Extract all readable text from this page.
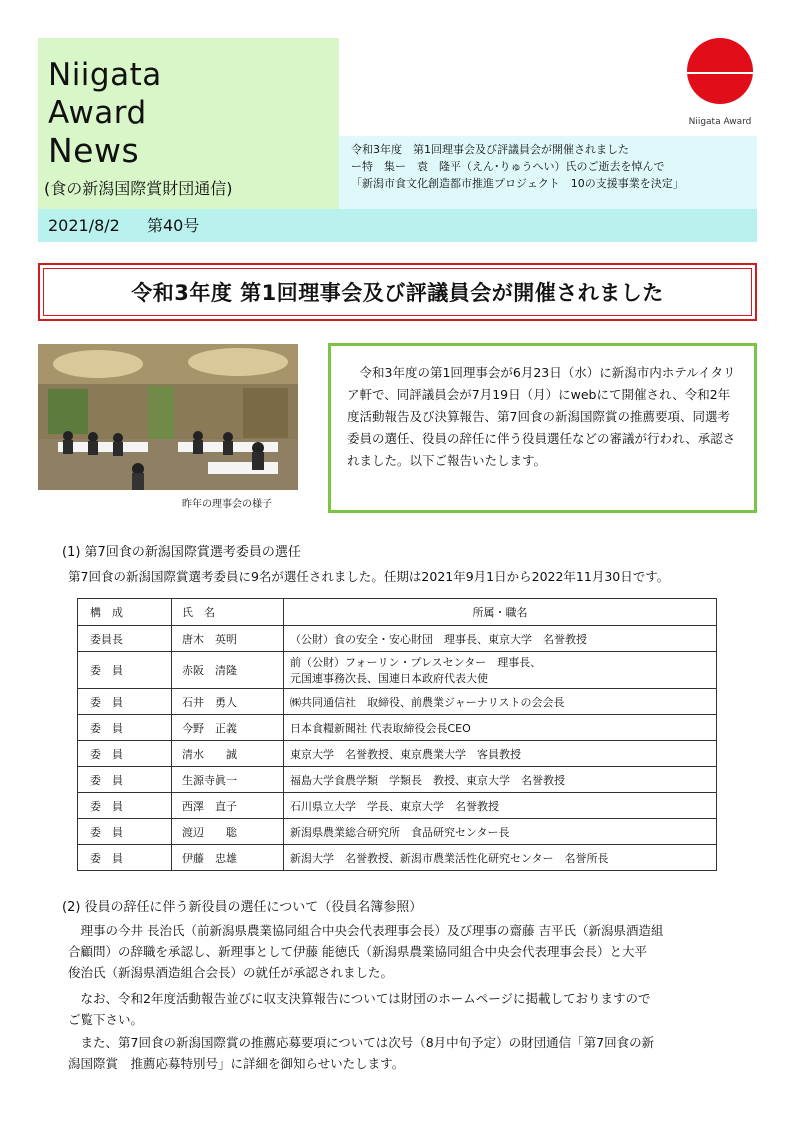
Niigata
Award
News
(食の新潟国際賞財団通信)
令和3年度　第1回理事会及び評議員会が開催されました
ー特　集ー　袁　隆平（えん･りゅうへい）氏のご逝去を悼んで
「新潟市食文化創造都市推進プロジェクト　10の支援事業を決定」
2021/8/2 第40号
Niigata Award
令和3年度 第1回理事会及び評議員会が開催されました
昨年の理事会の様子
令和3年度の第1回理事会が6月23日（水）に新潟市内ホテルイタリア軒で、同評議員会が7月19日（月）にwebにて開催され、令和2年度活動報告及び決算報告、第7回食の新潟国際賞の推薦要項、同選考委員の選任、役員の辞任に伴う役員選任などの審議が行われ、承認されました。以下ご報告いたします。
(1) 第7回食の新潟国際賞選考委員の選任
第7回食の新潟国際賞選考委員に9名が選任されました。任期は2021年9月1日から2022年11月30日です。
構　成	氏　名	所属・職名
委員長	唐木　英明	（公財）食の安全・安心財団　理事長、東京大学　名誉教授
委　員	赤阪　清隆	前（公財）フォーリン・プレスセンター　理事長、
元国連事務次長、国連日本政府代表大使

委　員	石井　勇人	㈱共同通信社　取締役、前農業ジャーナリストの会会長
委　員	今野　正義	日本食糧新聞社 代表取締役会長CEO
委　員	清水　　誠	東京大学　名誉教授、東京農業大学　客員教授
委　員	生源寺眞一	福島大学食農学類　学類長　教授、東京大学　名誉教授
委　員	西澤　直子	石川県立大学　学長、東京大学　名誉教授
委　員	渡辺　　聡	新潟県農業総合研究所　食品研究センター長
委　員	伊藤　忠雄	新潟大学　名誉教授、新潟市農業活性化研究センター　名誉所長
(2) 役員の辞任に伴う新役員の選任について（役員名簿参照）
理事の今井 長治氏（前新潟県農業協同組合中央会代表理事会長）及び理事の齋藤 吉平氏（新潟県酒造組
合顧問）の辞職を承認し、新理事として伊藤 能徳氏（新潟県農業協同組合中央会代表理事会長）と大平
俊治氏（新潟県酒造組合会長）の就任が承認されました。
なお、令和2年度活動報告並びに収支決算報告については財団のホームページに掲載しておりますので
ご覧下さい。
また、第7回食の新潟国際賞の推薦応募要項については次号（8月中旬予定）の財団通信「第7回食の新
潟国際賞　推薦応募特別号」に詳細を御知らせいたします。
